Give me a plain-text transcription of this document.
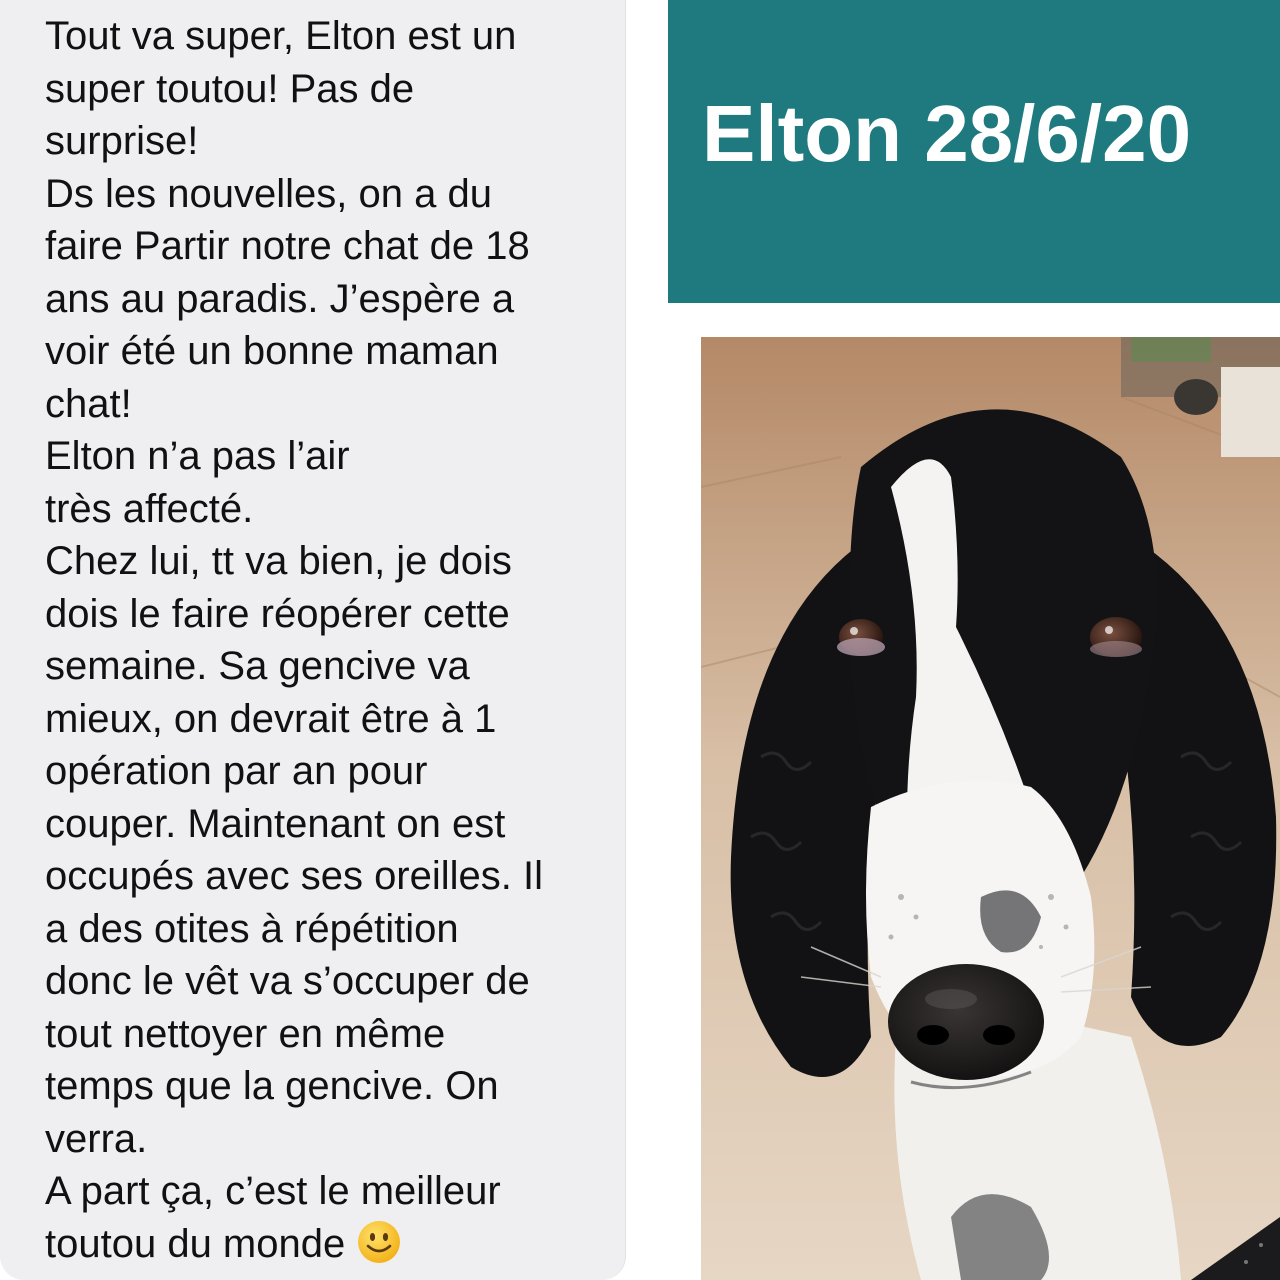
Tout va super, Elton est un
super toutou! Pas de
surprise!
Ds les nouvelles, on a du
faire Partir notre chat de 18
ans au paradis. J’espère a
voir été un bonne maman
chat!
Elton n’a pas l’air
très affecté.
Chez lui, tt va bien, je dois
dois le faire réopérer cette
semaine. Sa gencive va
mieux, on devrait être à 1
opération par an pour
couper. Maintenant on est
occupés avec ses oreilles. Il
a des otites à répétition
donc le vêt va s’occuper de
tout nettoyer en même
temps que la gencive. On
verra.
A part ça, c’est le meilleur
toutou du monde

Elton 28/6/20
